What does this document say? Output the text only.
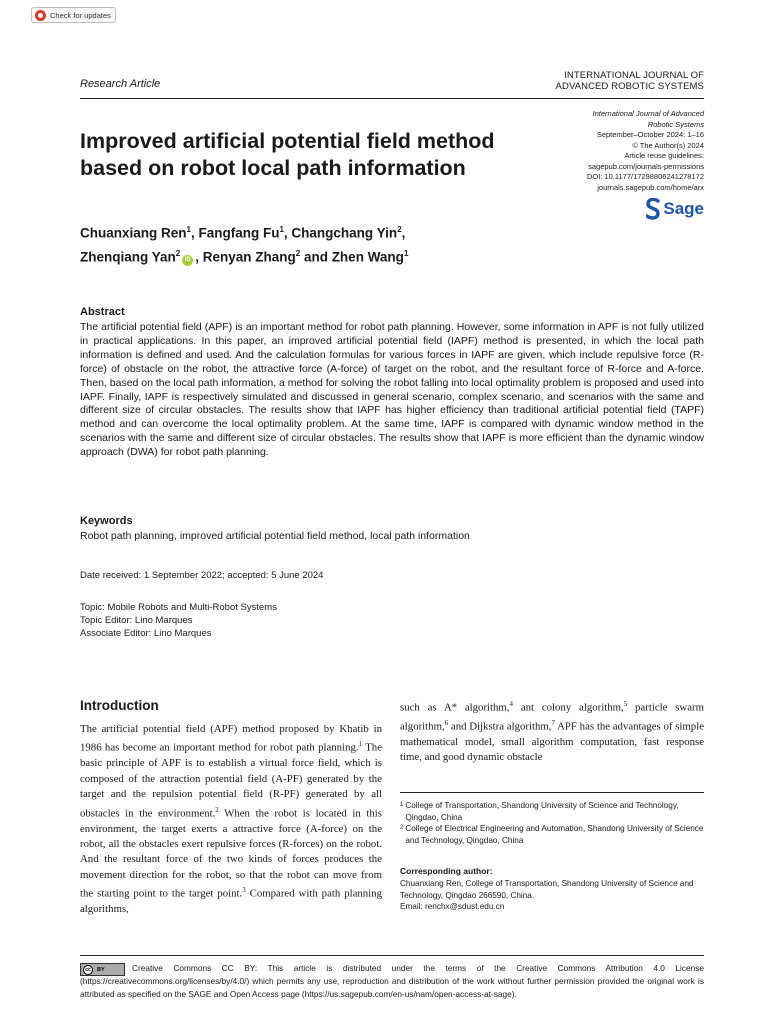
Check for updates
Research Article
INTERNATIONAL JOURNAL OF
ADVANCED ROBOTIC SYSTEMS
Improved artificial potential field method
based on robot local path information
International Journal of Advanced
Robotic Systems
September–October 2024: 1–16
© The Author(s) 2024
Article reuse guidelines:
sagepub.com/journals-permissions
DOI: 10.1177/17298806241278172
journals.sagepub.com/home/arx
Sage
Chuanxiang Ren$^1$, Fangfang Fu$^1$, Changchang Yin$^2$,
Zhenqiang Yan$^2$iD , Renyan Zhang$^2$ and Zhen Wang$^1$
Abstract

The artificial potential field (APF) is an important method for robot path planning. However, some information in APF is not fully utilized in practical applications. In this paper, an improved artificial potential field (IAPF) method is presented, in which the local path information is defined and used. And the calculation formulas for various forces in IAPF are given, which include repulsive force (R-force) of obstacle on the robot, the attractive force (A-force) of target on the robot, and the resultant force of R-force and A-force. Then, based on the local path information, a method for solving the robot falling into local optimality problem is proposed and used into IAPF. Finally, IAPF is respectively simulated and discussed in general scenario, complex scenario, and scenarios with the same and different size of circular obstacles. The results show that IAPF has higher efficiency than traditional artificial potential field (TAPF) method and can overcome the local optimality problem. At the same time, IAPF is compared with dynamic window method in the scenarios with the same and different size of circular obstacles. The results show that IAPF is more efficient than the dynamic window approach (DWA) for robot path planning.

Keywords
Robot path planning, improved artificial potential field method, local path information
Date received: 1 September 2022; accepted: 5 June 2024
Topic: Mobile Robots and Multi-Robot Systems
Topic Editor: Lino Marques
Associate Editor: Lino Marques
Introduction

The artificial potential field (APF) method proposed by Khatib in 1986 has become an important method for robot path planning.$^1$ The basic principle of APF is to establish a virtual force field, which is composed of the attraction potential field (A-PF) generated by the target and the repulsion potential field (R-PF) generated by all obstacles in the environment.$^2$ When the robot is located in this environment, the target exerts a attractive force (A-force) on the robot, all the obstacles exert repulsive forces (R-forces) on the robot. And the resultant force of the two kinds of forces produces the movement direction for the robot, so that the robot can move from the starting point to the target point.$^3$ Compared with path planning algorithms,

such as A* algorithm,$^4$ ant colony algorithm,$^5$ particle swarm algorithm,$^6$ and Dijkstra algorithm,$^7$ APF has the advantages of simple mathematical model, small algorithm computation, fast response time, and good dynamic obstacle

1 College of Transportation, Shandong University of Science and Technology, Qingdao, China
2 College of Electrical Engineering and Automation, Shandong University of Science and Technology, Qingdao, China
Corresponding author:
Chuanxiang Ren, College of Transportation, Shandong University of Science and Technology, Qingdao 266590, China.
Email: renchx@sdust.edu.cn

Creative Commons CC BY: This article is distributed under the terms of the Creative Commons Attribution 4.0 License (https://creativecommons.org/licenses/by/4.0/) which permits any use, reproduction and distribution of the work without further permission provided the original work is attributed as specified on the SAGE and Open Access page (https://us.sagepub.com/en-us/nam/open-access-at-sage).

cc	BY
